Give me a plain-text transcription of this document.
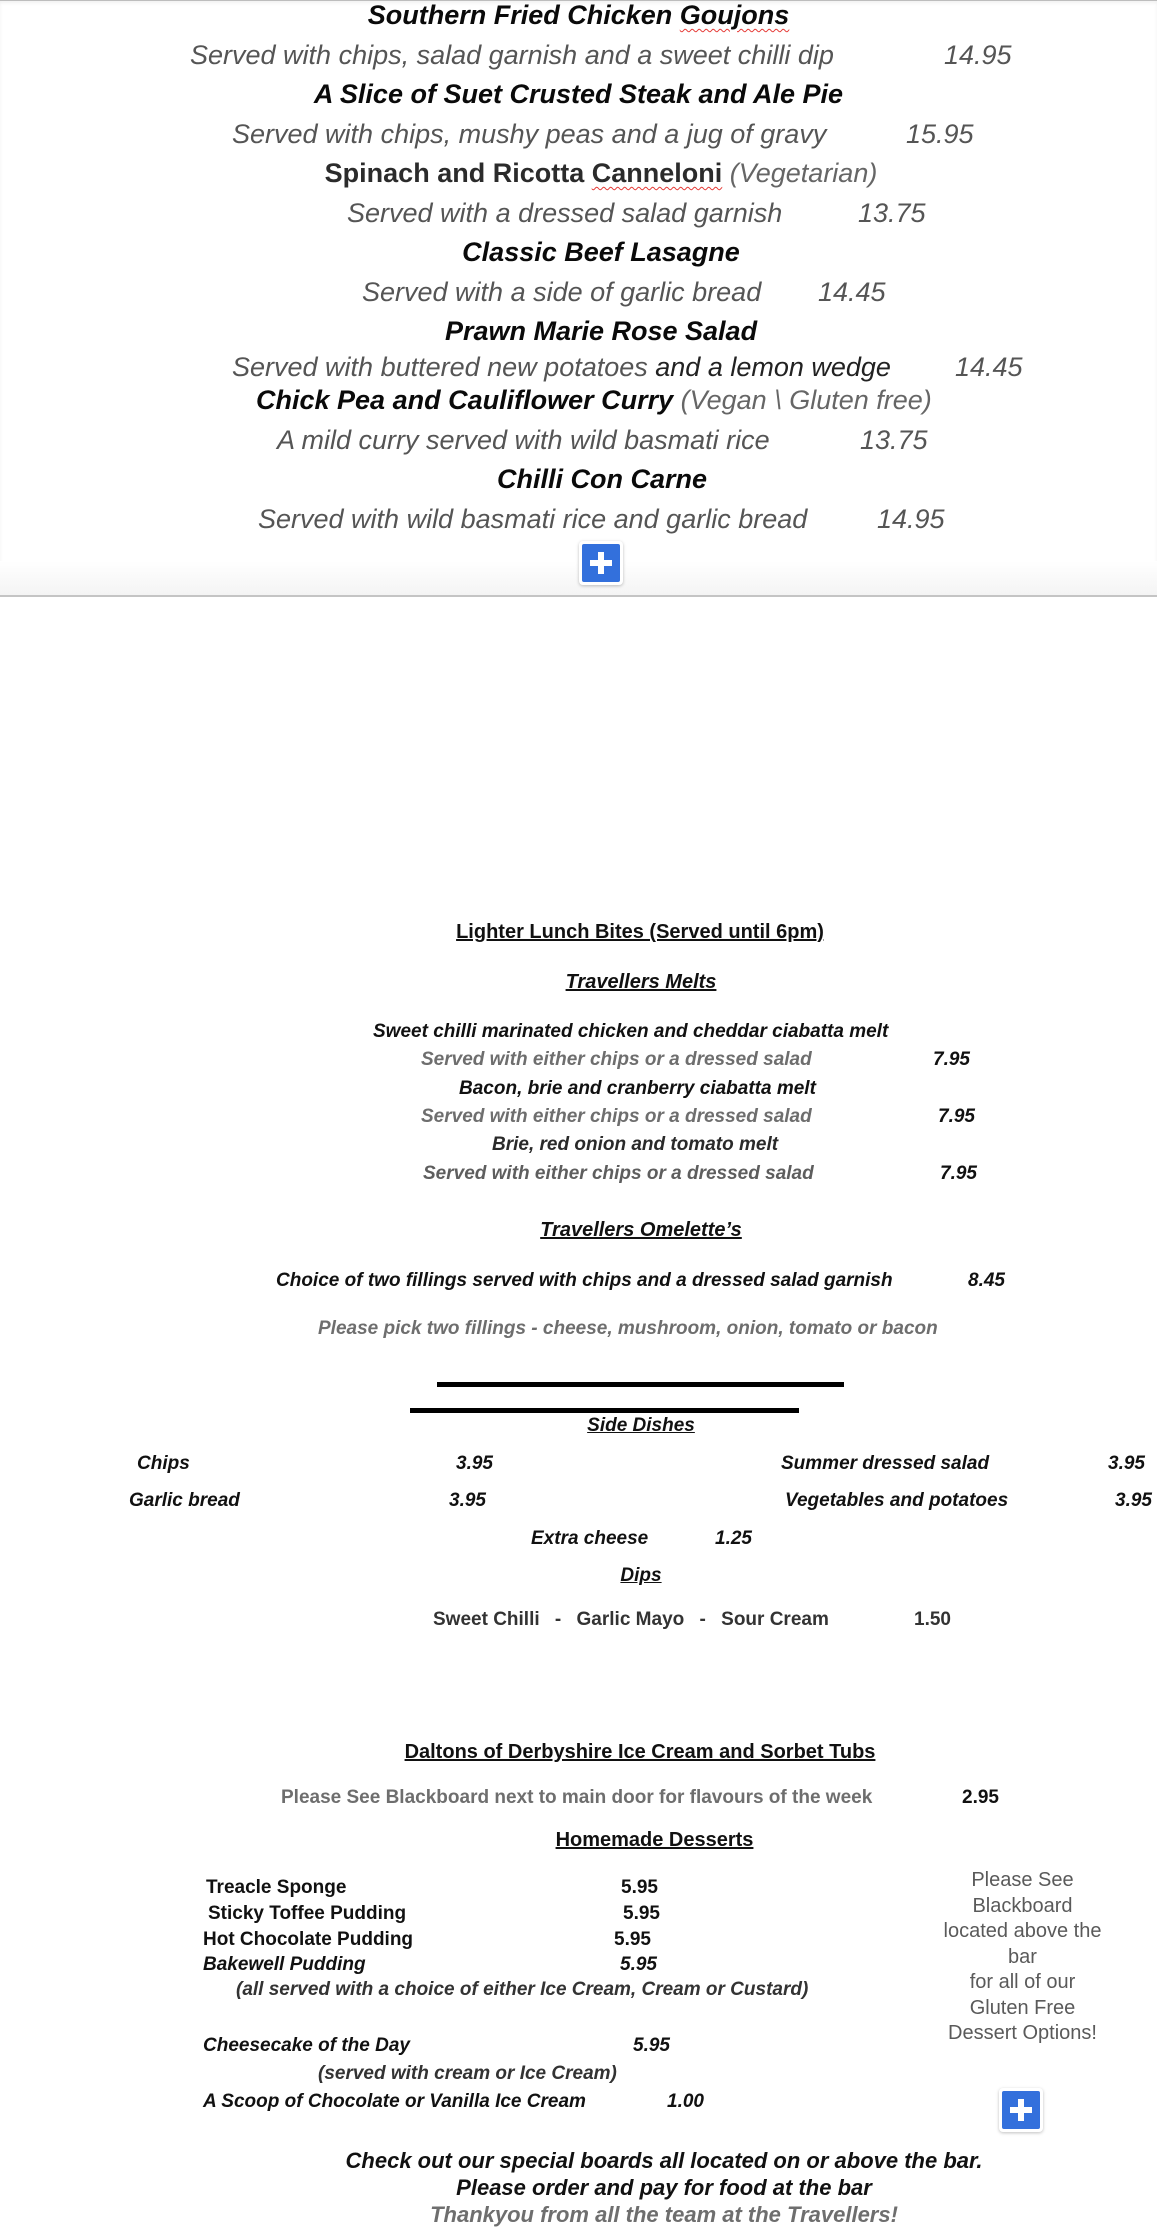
Southern Fried Chicken Goujons
Served with chips, salad garnish and a sweet chilli dip	14.95
A Slice of Suet Crusted Steak and Ale Pie
Served with chips, mushy peas and a jug of gravy	15.95
Spinach and Ricotta Canneloni (Vegetarian)
Served with a dressed salad garnish	13.75
Classic Beef Lasagne
Served with a side of garlic bread 14.45
Prawn Marie Rose Salad
Served with buttered new potatoes and a lemon wedge 14.45
Chick Pea and Cauliflower Curry (Vegan \ Gluten free)
A mild curry served with wild basmati rice	13.75
Chilli Con Carne
Served with wild basmati rice and garlic bread	14.95
Lighter Lunch Bites (Served until 6pm)
Travellers Melts
Sweet chilli marinated chicken and cheddar ciabatta melt
Served with either chips or a dressed salad	7.95
Bacon, brie and cranberry ciabatta melt
Served with either chips or a dressed salad	7.95
Brie, red onion and tomato melt
Served with either chips or a dressed salad	7.95
Travellers Omelette’s
Choice of two fillings served with chips and a dressed salad garnish	8.45
Please pick two fillings - cheese, mushroom, onion, tomato or bacon
Side Dishes
Chips	3.95	Summer dressed salad	3.95
Garlic bread	3.95	Vegetables and potatoes	3.95
Extra cheese	1.25
Dips
Sweet Chilli - Garlic Mayo - Sour Cream	1.50
Daltons of Derbyshire Ice Cream and Sorbet Tubs
Please See Blackboard next to main door for flavours of the week	2.95
Homemade Desserts
Treacle Sponge	5.95
Sticky Toffee Pudding	5.95
Hot Chocolate Pudding	5.95
Bakewell Pudding	5.95
(all served with a choice of either Ice Cream, Cream or Custard)
Cheesecake of the Day	5.95
(served with cream or Ice Cream)
A Scoop of Chocolate or Vanilla Ice Cream	1.00
Please See
Blackboard
located above the
bar
for all of our
Gluten Free
Dessert Options!
Check out our special boards all located on or above the bar.
Please order and pay for food at the bar
Thankyou from all the team at the Travellers!
